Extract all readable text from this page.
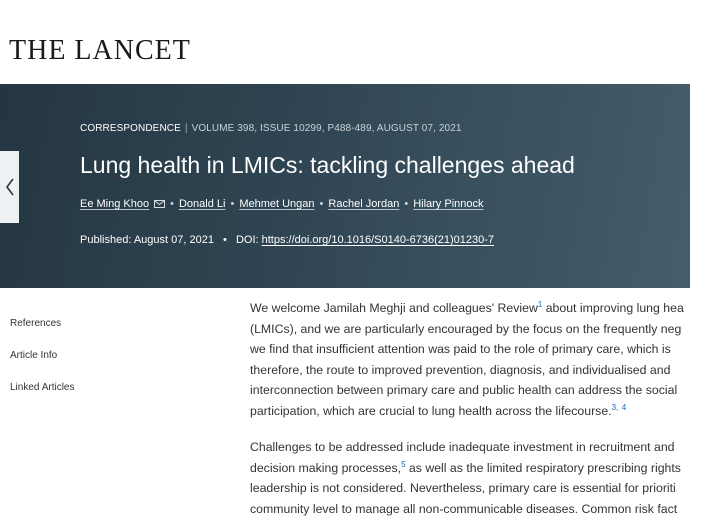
THE LANCET
CORRESPONDENCE | VOLUME 398, ISSUE 10299, P488-489, AUGUST 07, 2021
Lung health in LMICs: tackling challenges ahead
Ee Ming Khoo • Donald Li • Mehmet Ungan • Rachel Jordan • Hilary Pinnock
Published: August 07, 2021 • DOI: https://doi.org/10.1016/S0140-6736(21)01230-7
References
Article Info
Linked Articles

We welcome Jamilah Meghji and colleagues' Review$^1$ about improving lung hea
(LMICs), and we are particularly encouraged by the focus on the frequently neg
we find that insufficient attention was paid to the role of primary care, which is
therefore, the route to improved prevention, diagnosis, and individualised and
interconnection between primary care and public health can address the social
participation, which are crucial to lung health across the lifecourse.$^{3,}$ $^4$

Challenges to be addressed include inadequate investment in recruitment and
decision making processes,$^5$ as well as the limited respiratory prescribing rights
leadership is not considered. Nevertheless, primary care is essential for prioriti
community level to manage all non-communicable diseases. Common risk fact
